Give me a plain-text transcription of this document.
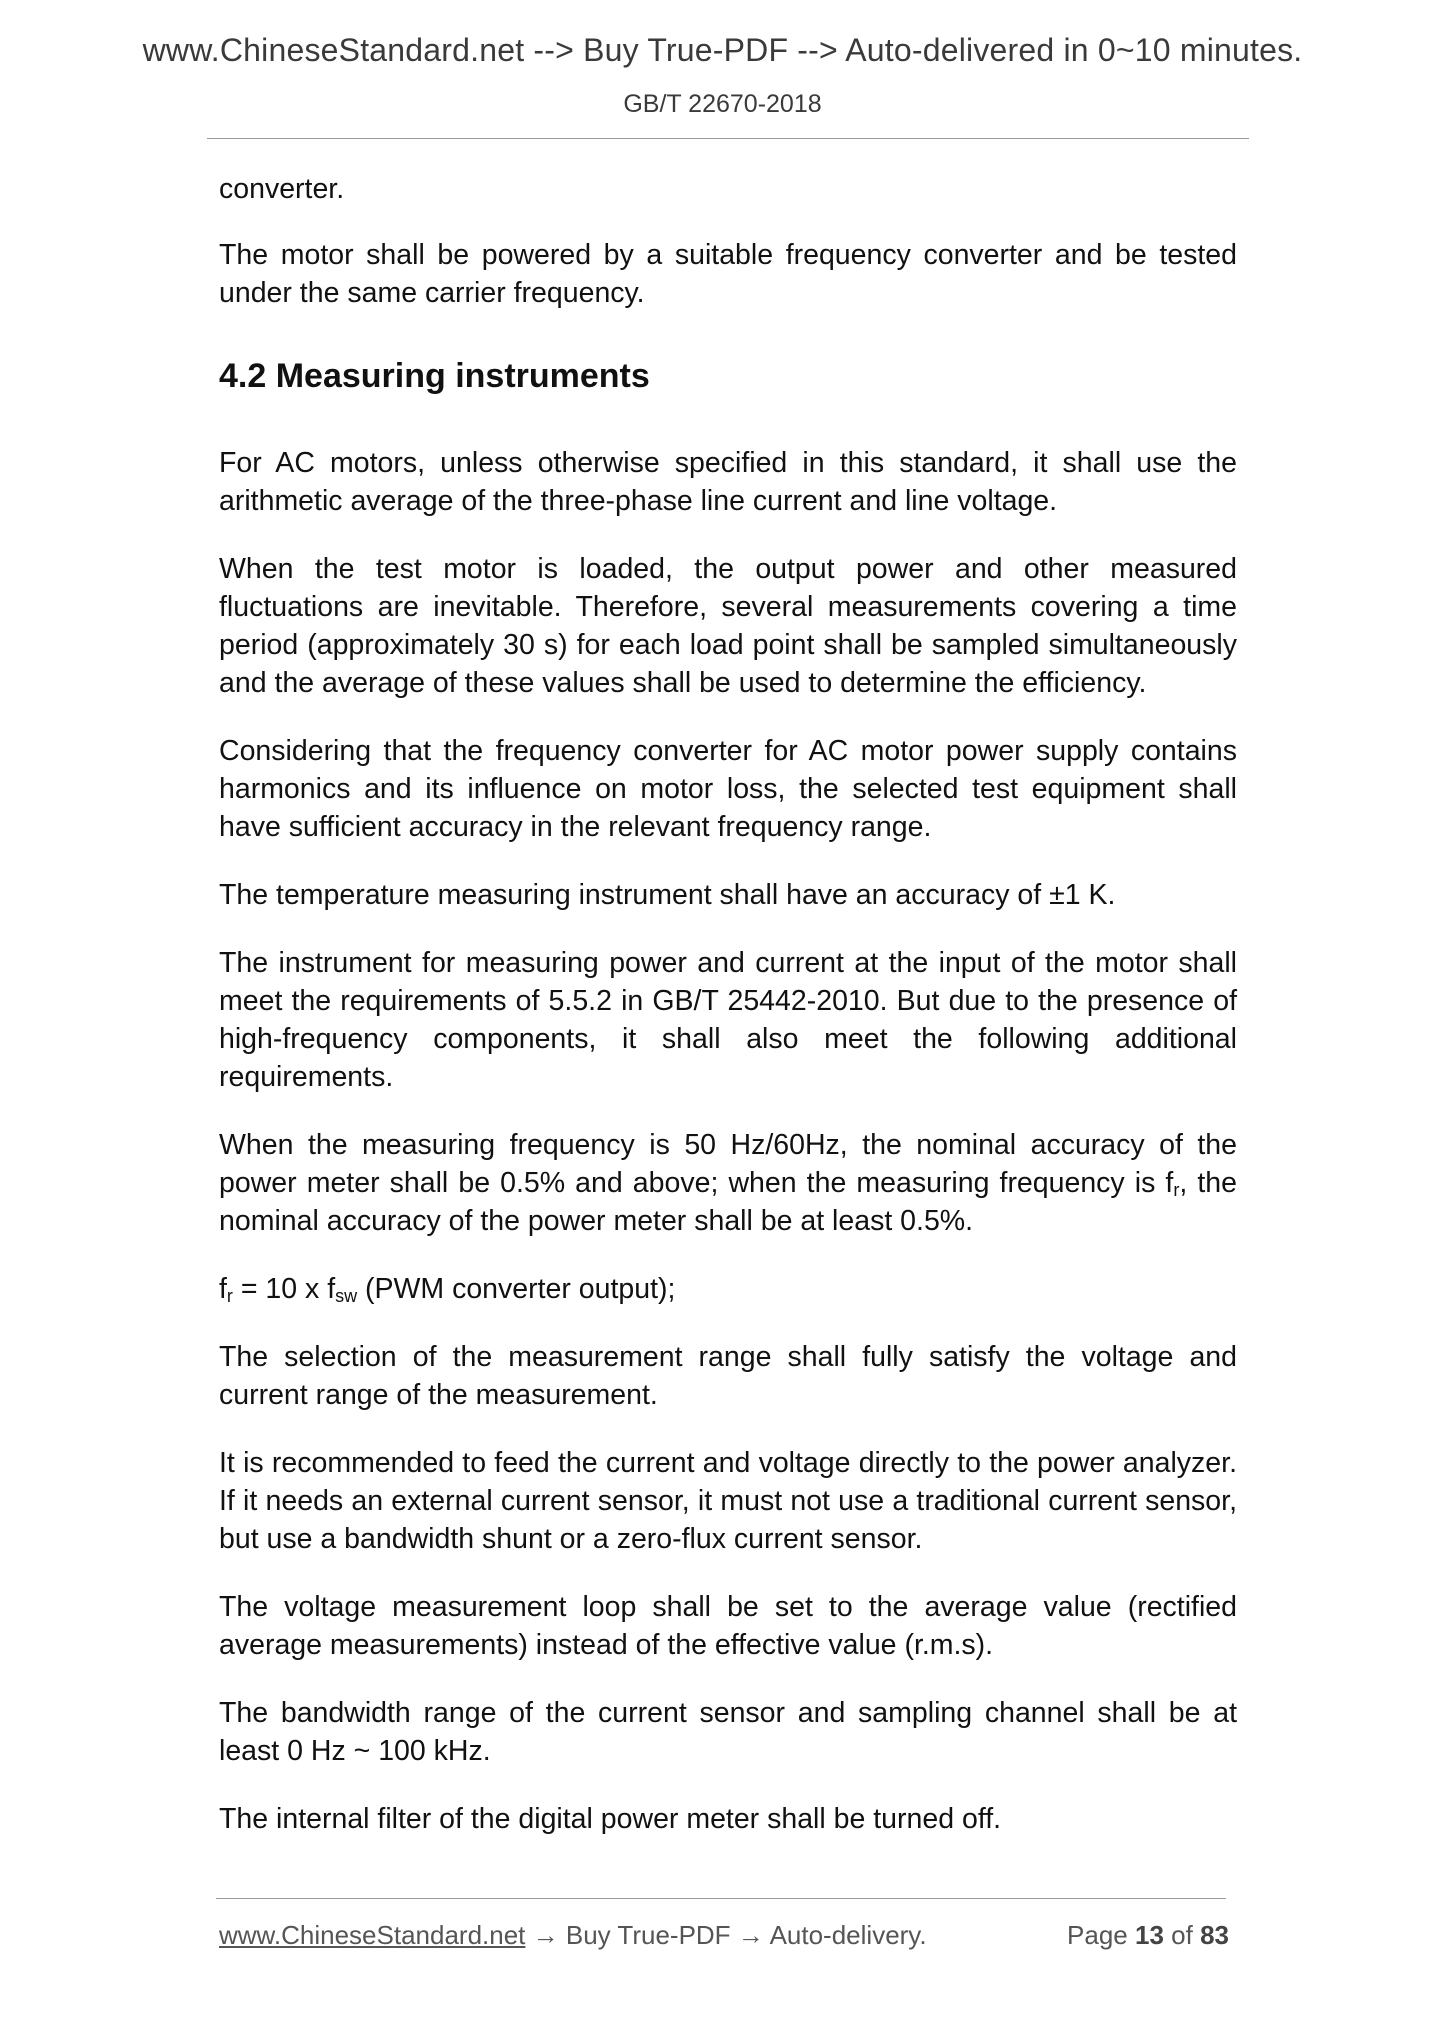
www.ChineseStandard.net --> Buy True-PDF --> Auto-delivered in 0~10 minutes.
GB/T 22670-2018

converter.

The motor shall be powered by a suitable frequency converter and be tested under the same carrier frequency.

4.2 Measuring instruments

For AC motors, unless otherwise specified in this standard, it shall use the arithmetic average of the three-phase line current and line voltage.

When the test motor is loaded, the output power and other measured fluctuations are inevitable. Therefore, several measurements covering a time period (approximately 30 s) for each load point shall be sampled simultaneously and the average of these values shall be used to determine the efficiency.

Considering that the frequency converter for AC motor power supply contains harmonics and its influence on motor loss, the selected test equipment shall have sufficient accuracy in the relevant frequency range.

The temperature measuring instrument shall have an accuracy of ±1 K.

The instrument for measuring power and current at the input of the motor shall meet the requirements of 5.5.2 in GB/T 25442-2010. But due to the presence of high-frequency components, it shall also meet the following additional requirements.

When the measuring frequency is 50 Hz/60Hz, the nominal accuracy of the power meter shall be 0.5% and above; when the measuring frequency is $f_r$, the nominal accuracy of the power meter shall be at least 0.5%.

$f_r = 10$ x $f_{sw}$ (PWM converter output);

The selection of the measurement range shall fully satisfy the voltage and current range of the measurement.

It is recommended to feed the current and voltage directly to the power analyzer. If it needs an external current sensor, it must not use a traditional current sensor, but use a bandwidth shunt or a zero-flux current sensor.

The voltage measurement loop shall be set to the average value (rectified average measurements) instead of the effective value (r.m.s).

The bandwidth range of the current sensor and sampling channel shall be at least 0 Hz ~ 100 kHz.

The internal filter of the digital power meter shall be turned off.

www.ChineseStandard.net → Buy True-PDF → Auto-delivery.	Page 13 of 83
